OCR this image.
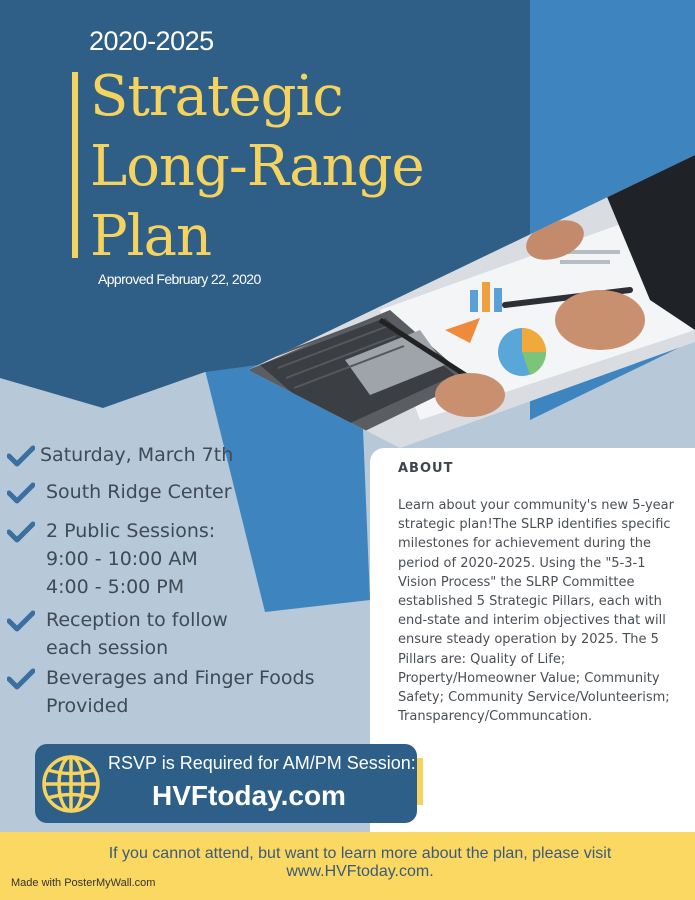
2020-2025
Strategic
Long-Range
Plan
Approved February 22, 2020
Saturday, March 7th
South Ridge Center
2 Public Sessions:
9:00 - 10:00 AM
4:00 - 5:00 PM
Reception to follow
each session
Beverages and Finger Foods
Provided
ABOUT
Learn about your community's new 5-year strategic plan!The SLRP identifies specific milestones for achievement during the period of 2020-2025. Using the "5-3-1 Vision Process" the SLRP Committee established 5 Strategic Pillars, each with end-state and interim objectives that will ensure steady operation by 2025. The 5 Pillars are: Quality of Life; Property/Homeowner Value; Community Safety; Community Service/Volunteerism; Transparency/Communcation.
RSVP is Required for AM/PM Session:
HVFtoday.com
If you cannot attend, but want to learn more about the plan, please visit
www.HVFtoday.com.
Made with PosterMyWall.com
